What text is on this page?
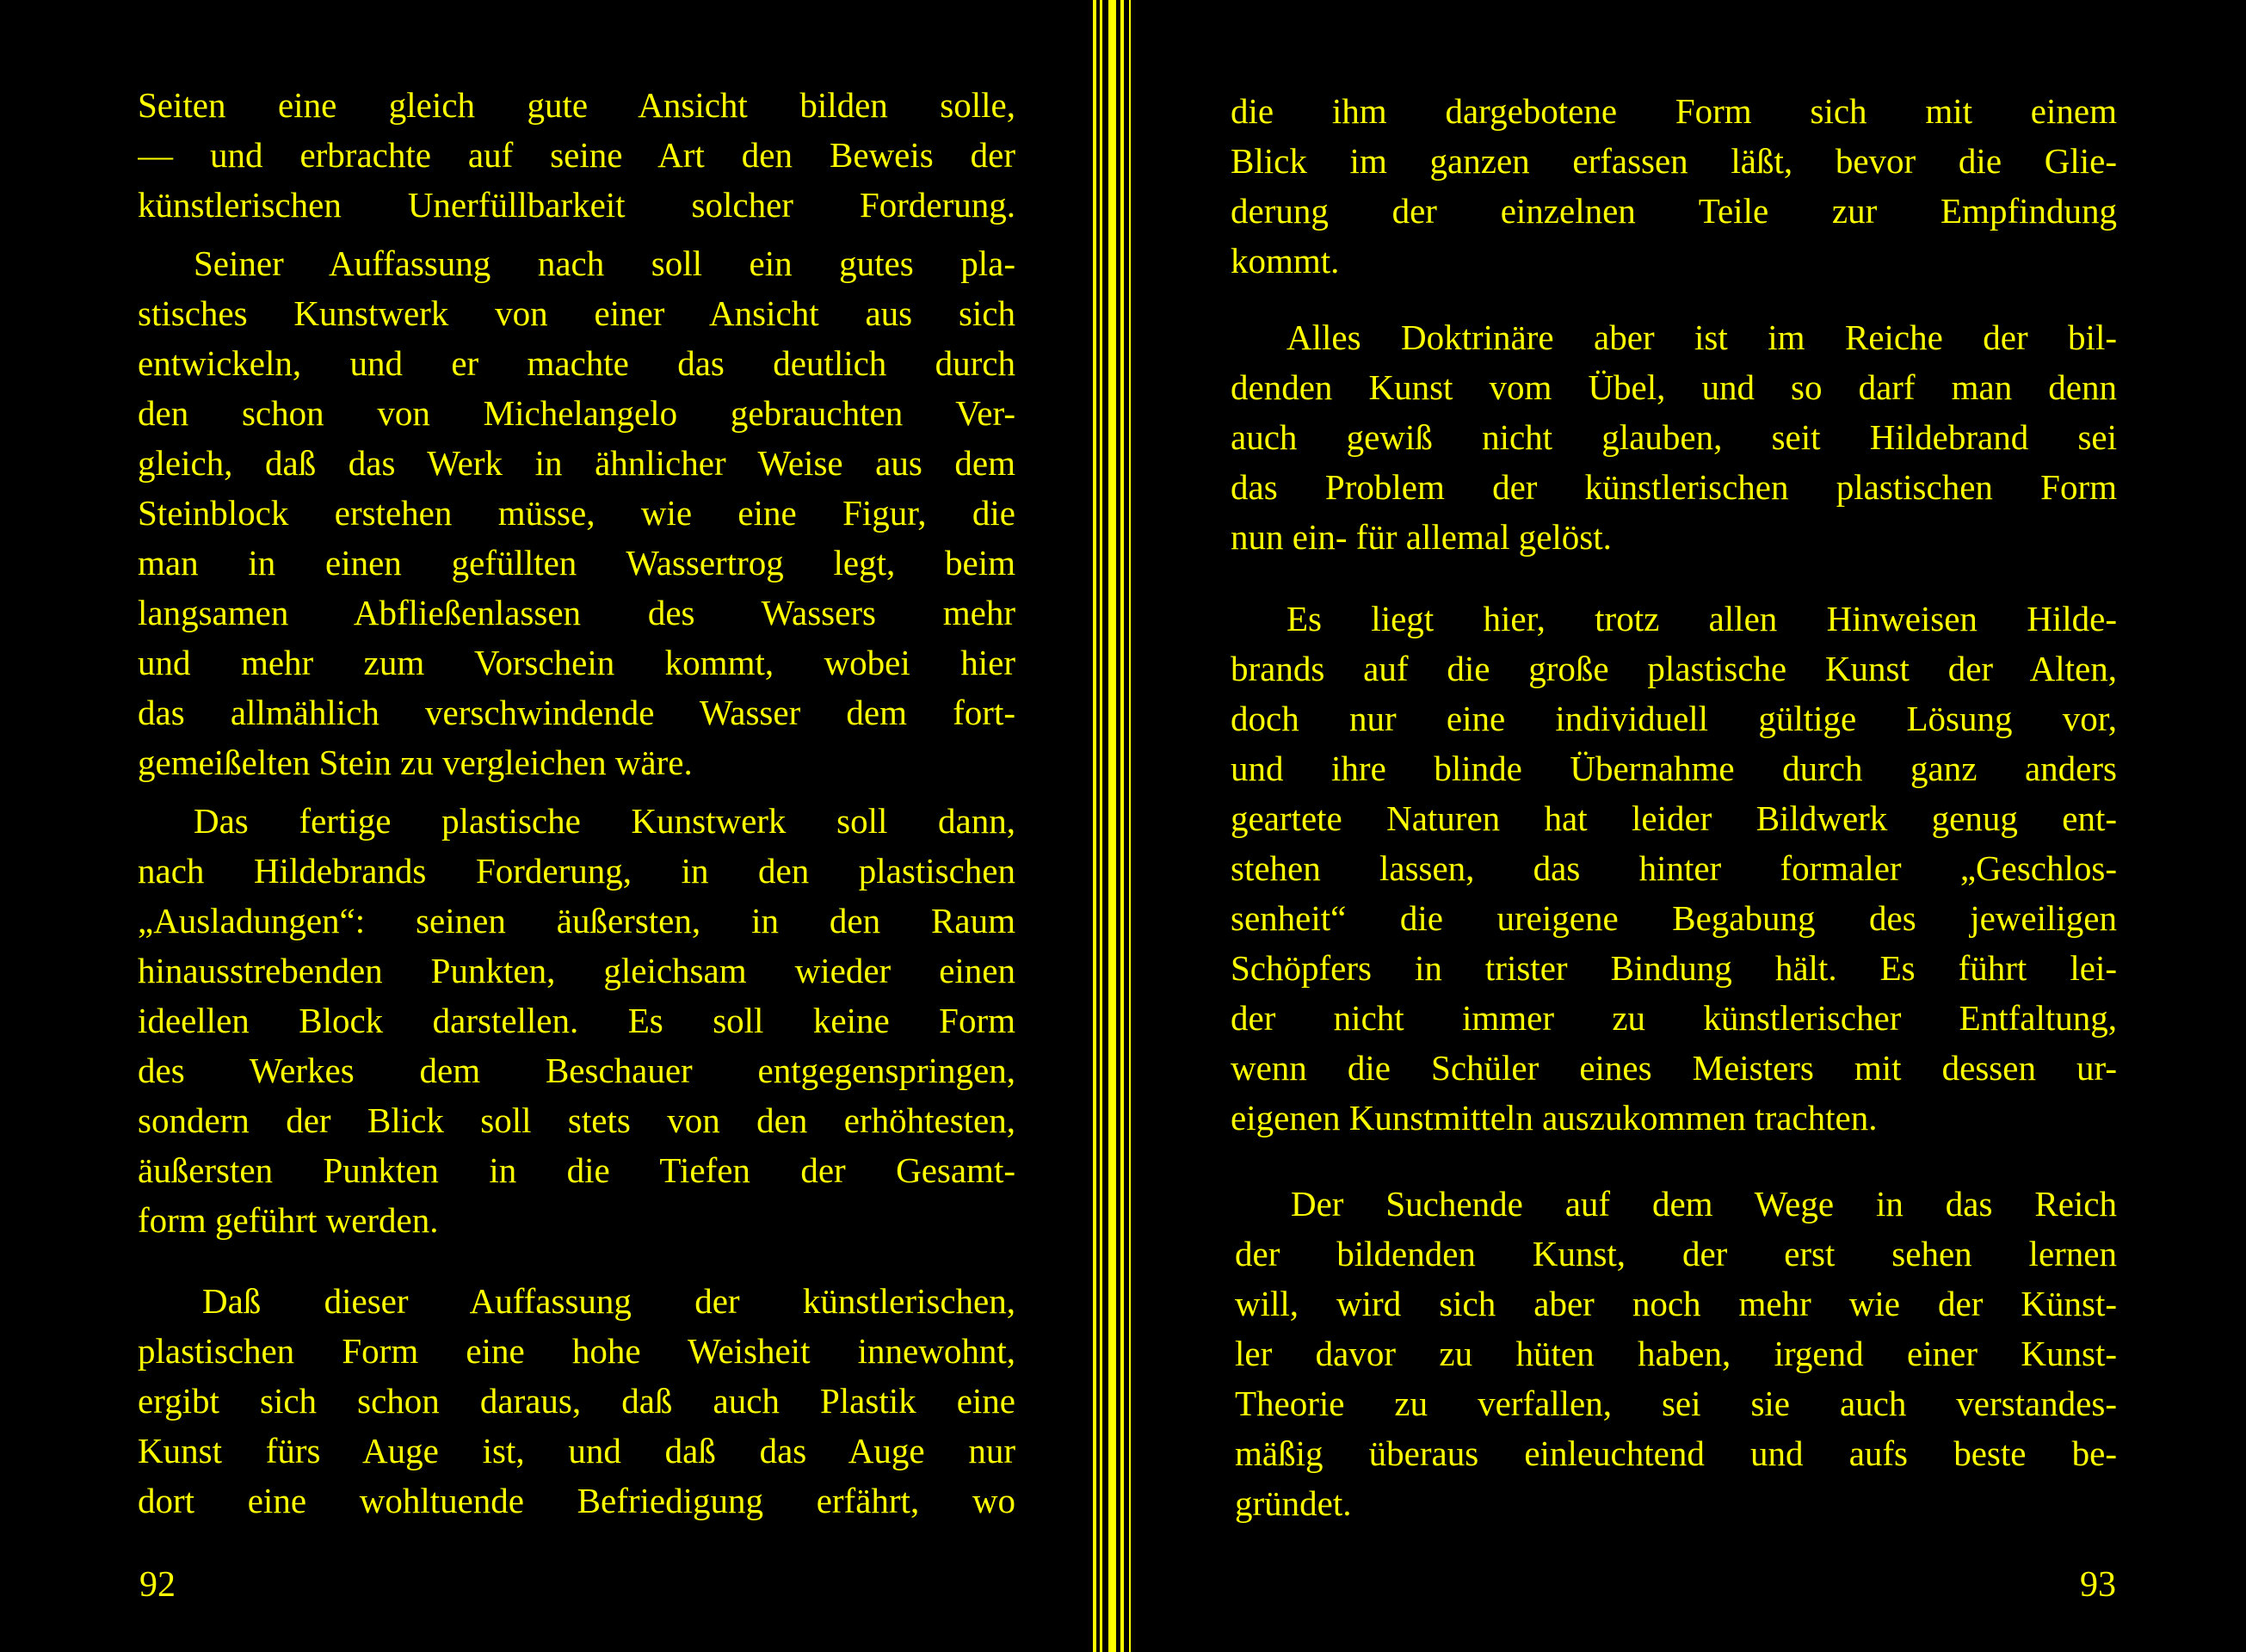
Seiten eine gleich gute Ansicht bilden solle,
— und erbrachte auf seine Art den Beweis der
künstlerischen Unerfüllbarkeit solcher Forderung.

Seiner Auffassung nach soll ein gutes pla-
stisches Kunstwerk von einer Ansicht aus sich
entwickeln, und er machte das deutlich durch
den schon von Michelangelo gebrauchten Ver-
gleich, daß das Werk in ähnlicher Weise aus dem
Steinblock erstehen müsse, wie eine Figur, die
man in einen gefüllten Wassertrog legt, beim
langsamen Abfließenlassen des Wassers mehr
und mehr zum Vorschein kommt, wobei hier
das allmählich verschwindende Wasser dem fort-
gemeißelten Stein zu vergleichen wäre.

Das fertige plastische Kunstwerk soll dann,
nach Hildebrands Forderung, in den plastischen
„Ausladungen“: seinen äußersten, in den Raum
hinausstrebenden Punkten, gleichsam wieder einen
ideellen Block darstellen. Es soll keine Form
des Werkes dem Beschauer entgegenspringen,
sondern der Blick soll stets von den erhöhtesten,
äußersten Punkten in die Tiefen der Gesamt-
form geführt werden.

Daß dieser Auffassung der künstlerischen,
plastischen Form eine hohe Weisheit innewohnt,
ergibt sich schon daraus, daß auch Plastik eine
Kunst fürs Auge ist, und daß das Auge nur
dort eine wohltuende Befriedigung erfährt, wo

92

die ihm dargebotene Form sich mit einem
Blick im ganzen erfassen läßt, bevor die Glie-
derung der einzelnen Teile zur Empfindung
kommt.

Alles Doktrinäre aber ist im Reiche der bil-
denden Kunst vom Übel, und so darf man denn
auch gewiß nicht glauben, seit Hildebrand sei
das Problem der künstlerischen plastischen Form
nun ein- für allemal gelöst.

Es liegt hier, trotz allen Hinweisen Hilde-
brands auf die große plastische Kunst der Alten,
doch nur eine individuell gültige Lösung vor,
und ihre blinde Übernahme durch ganz anders
geartete Naturen hat leider Bildwerk genug ent-
stehen lassen, das hinter formaler „Geschlos-
senheit“ die ureigene Begabung des jeweiligen
Schöpfers in trister Bindung hält. Es führt lei-
der nicht immer zu künstlerischer Entfaltung,
wenn die Schüler eines Meisters mit dessen ur-
eigenen Kunstmitteln auszukommen trachten.

Der Suchende auf dem Wege in das Reich
der bildenden Kunst, der erst sehen lernen
will, wird sich aber noch mehr wie der Künst-
ler davor zu hüten haben, irgend einer Kunst-
Theorie zu verfallen, sei sie auch verstandes-
mäßig überaus einleuchtend und aufs beste be-
gründet.

93
